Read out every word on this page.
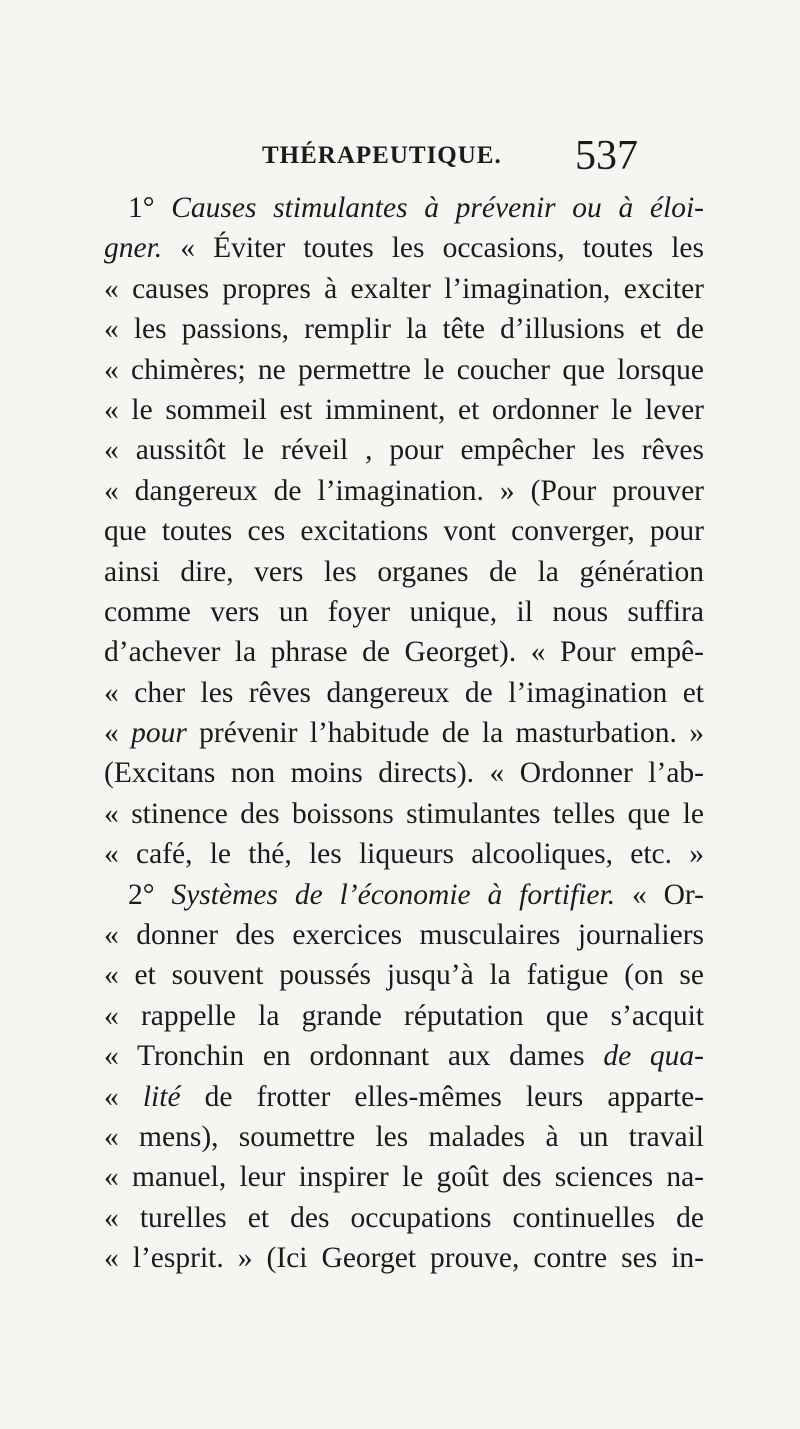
THÉRAPEUTIQUE. 537
1° Causes stimulantes à prévenir ou à éloi-
gner. « Éviter toutes les occasions, toutes les
« causes propres à exalter l’imagination, exciter
« les passions, remplir la tête d’illusions et de
« chimères; ne permettre le coucher que lorsque
« le sommeil est imminent, et ordonner le lever
« aussitôt le réveil , pour empêcher les rêves
« dangereux de l’imagination. » (Pour prouver
que toutes ces excitations vont converger, pour
ainsi dire, vers les organes de la génération
comme vers un foyer unique, il nous suffira
d’achever la phrase de Georget). « Pour empê-
« cher les rêves dangereux de l’imagination et
« pour prévenir l’habitude de la masturbation. »
(Excitans non moins directs). « Ordonner l’ab-
« stinence des boissons stimulantes telles que le
« café, le thé, les liqueurs alcooliques, etc. »
2° Systèmes de l’économie à fortifier. « Or-
« donner des exercices musculaires journaliers
« et souvent poussés jusqu’à la fatigue (on se
« rappelle la grande réputation que s’acquit
« Tronchin en ordonnant aux dames de qua-
« lité de frotter elles-mêmes leurs apparte-
« mens), soumettre les malades à un travail
« manuel, leur inspirer le goût des sciences na-
« turelles et des occupations continuelles de
« l’esprit. » (Ici Georget prouve, contre ses in-
